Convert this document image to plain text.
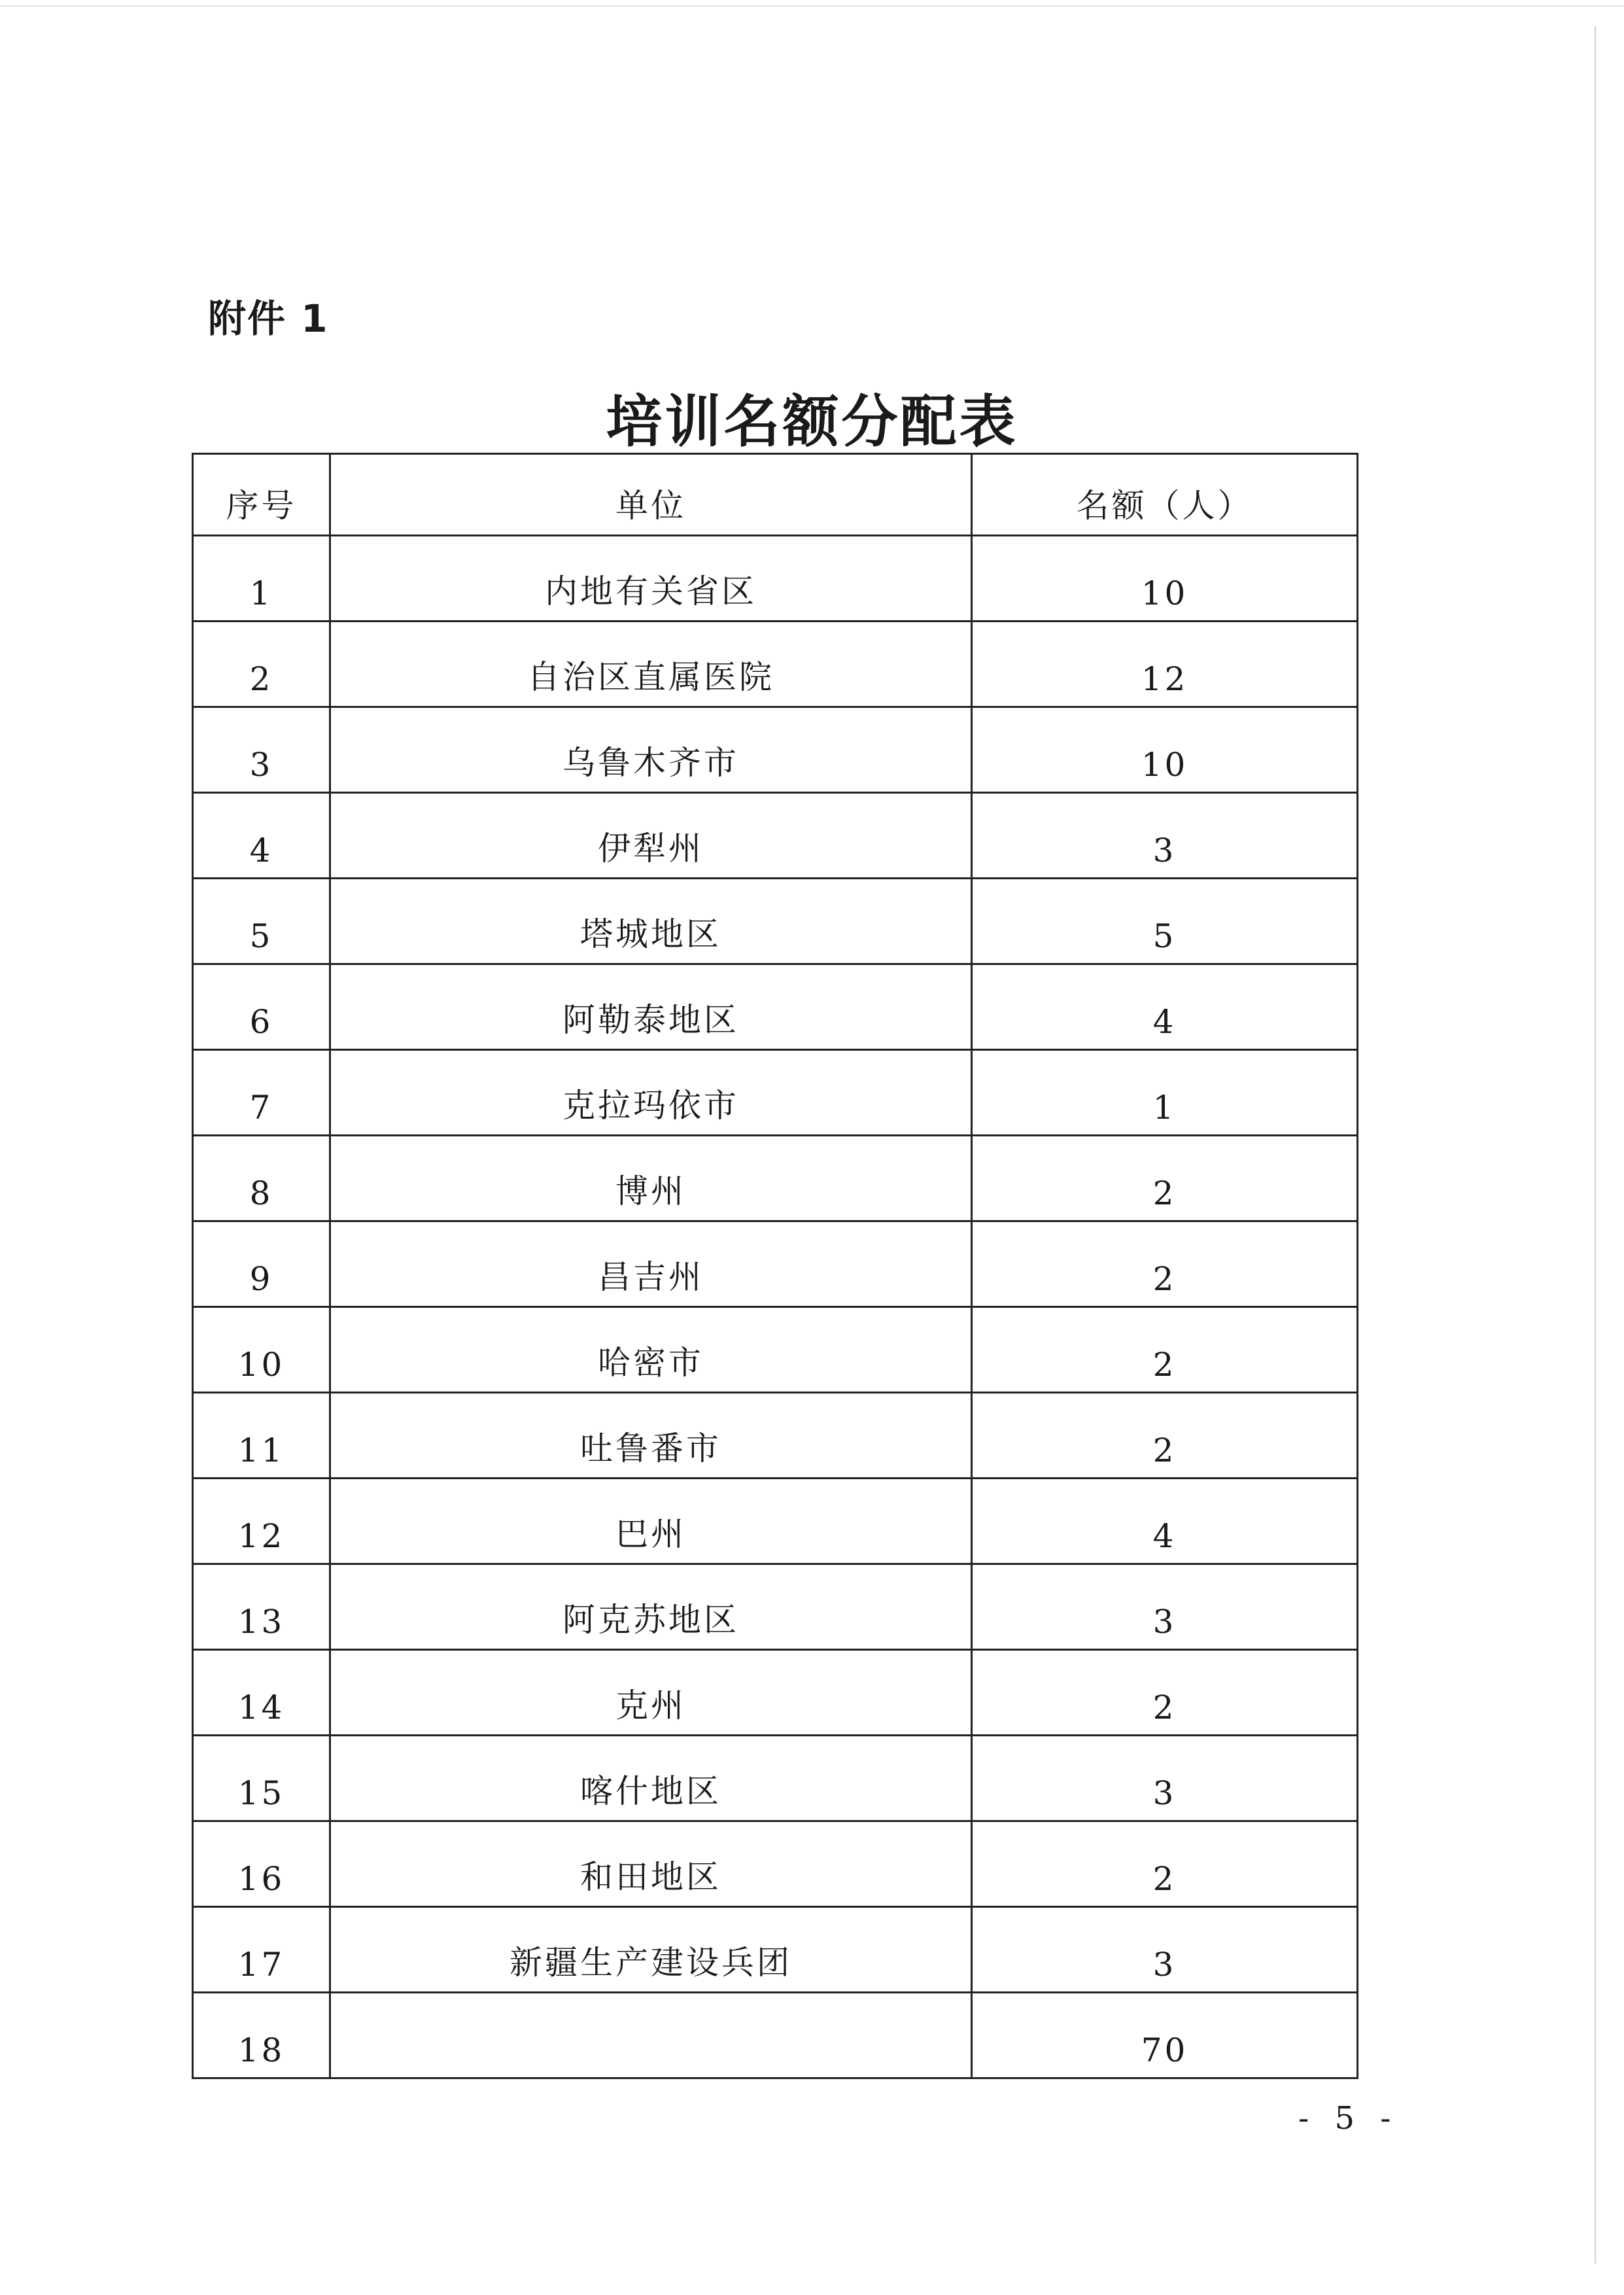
附件 1
培训名额分配表
序号	单位	名额（人）
1	内地有关省区	10
2	自治区直属医院	12
3	乌鲁木齐市	10
4	伊犁州	3
5	塔城地区	5
6	阿勒泰地区	4
7	克拉玛依市	1
8	博州	2
9	昌吉州	2
10	哈密市	2
11	吐鲁番市	2
12	巴州	4
13	阿克苏地区	3
14	克州	2
15	喀什地区	3
16	和田地区	2
17	新疆生产建设兵团	3
18		70
- 5 -
